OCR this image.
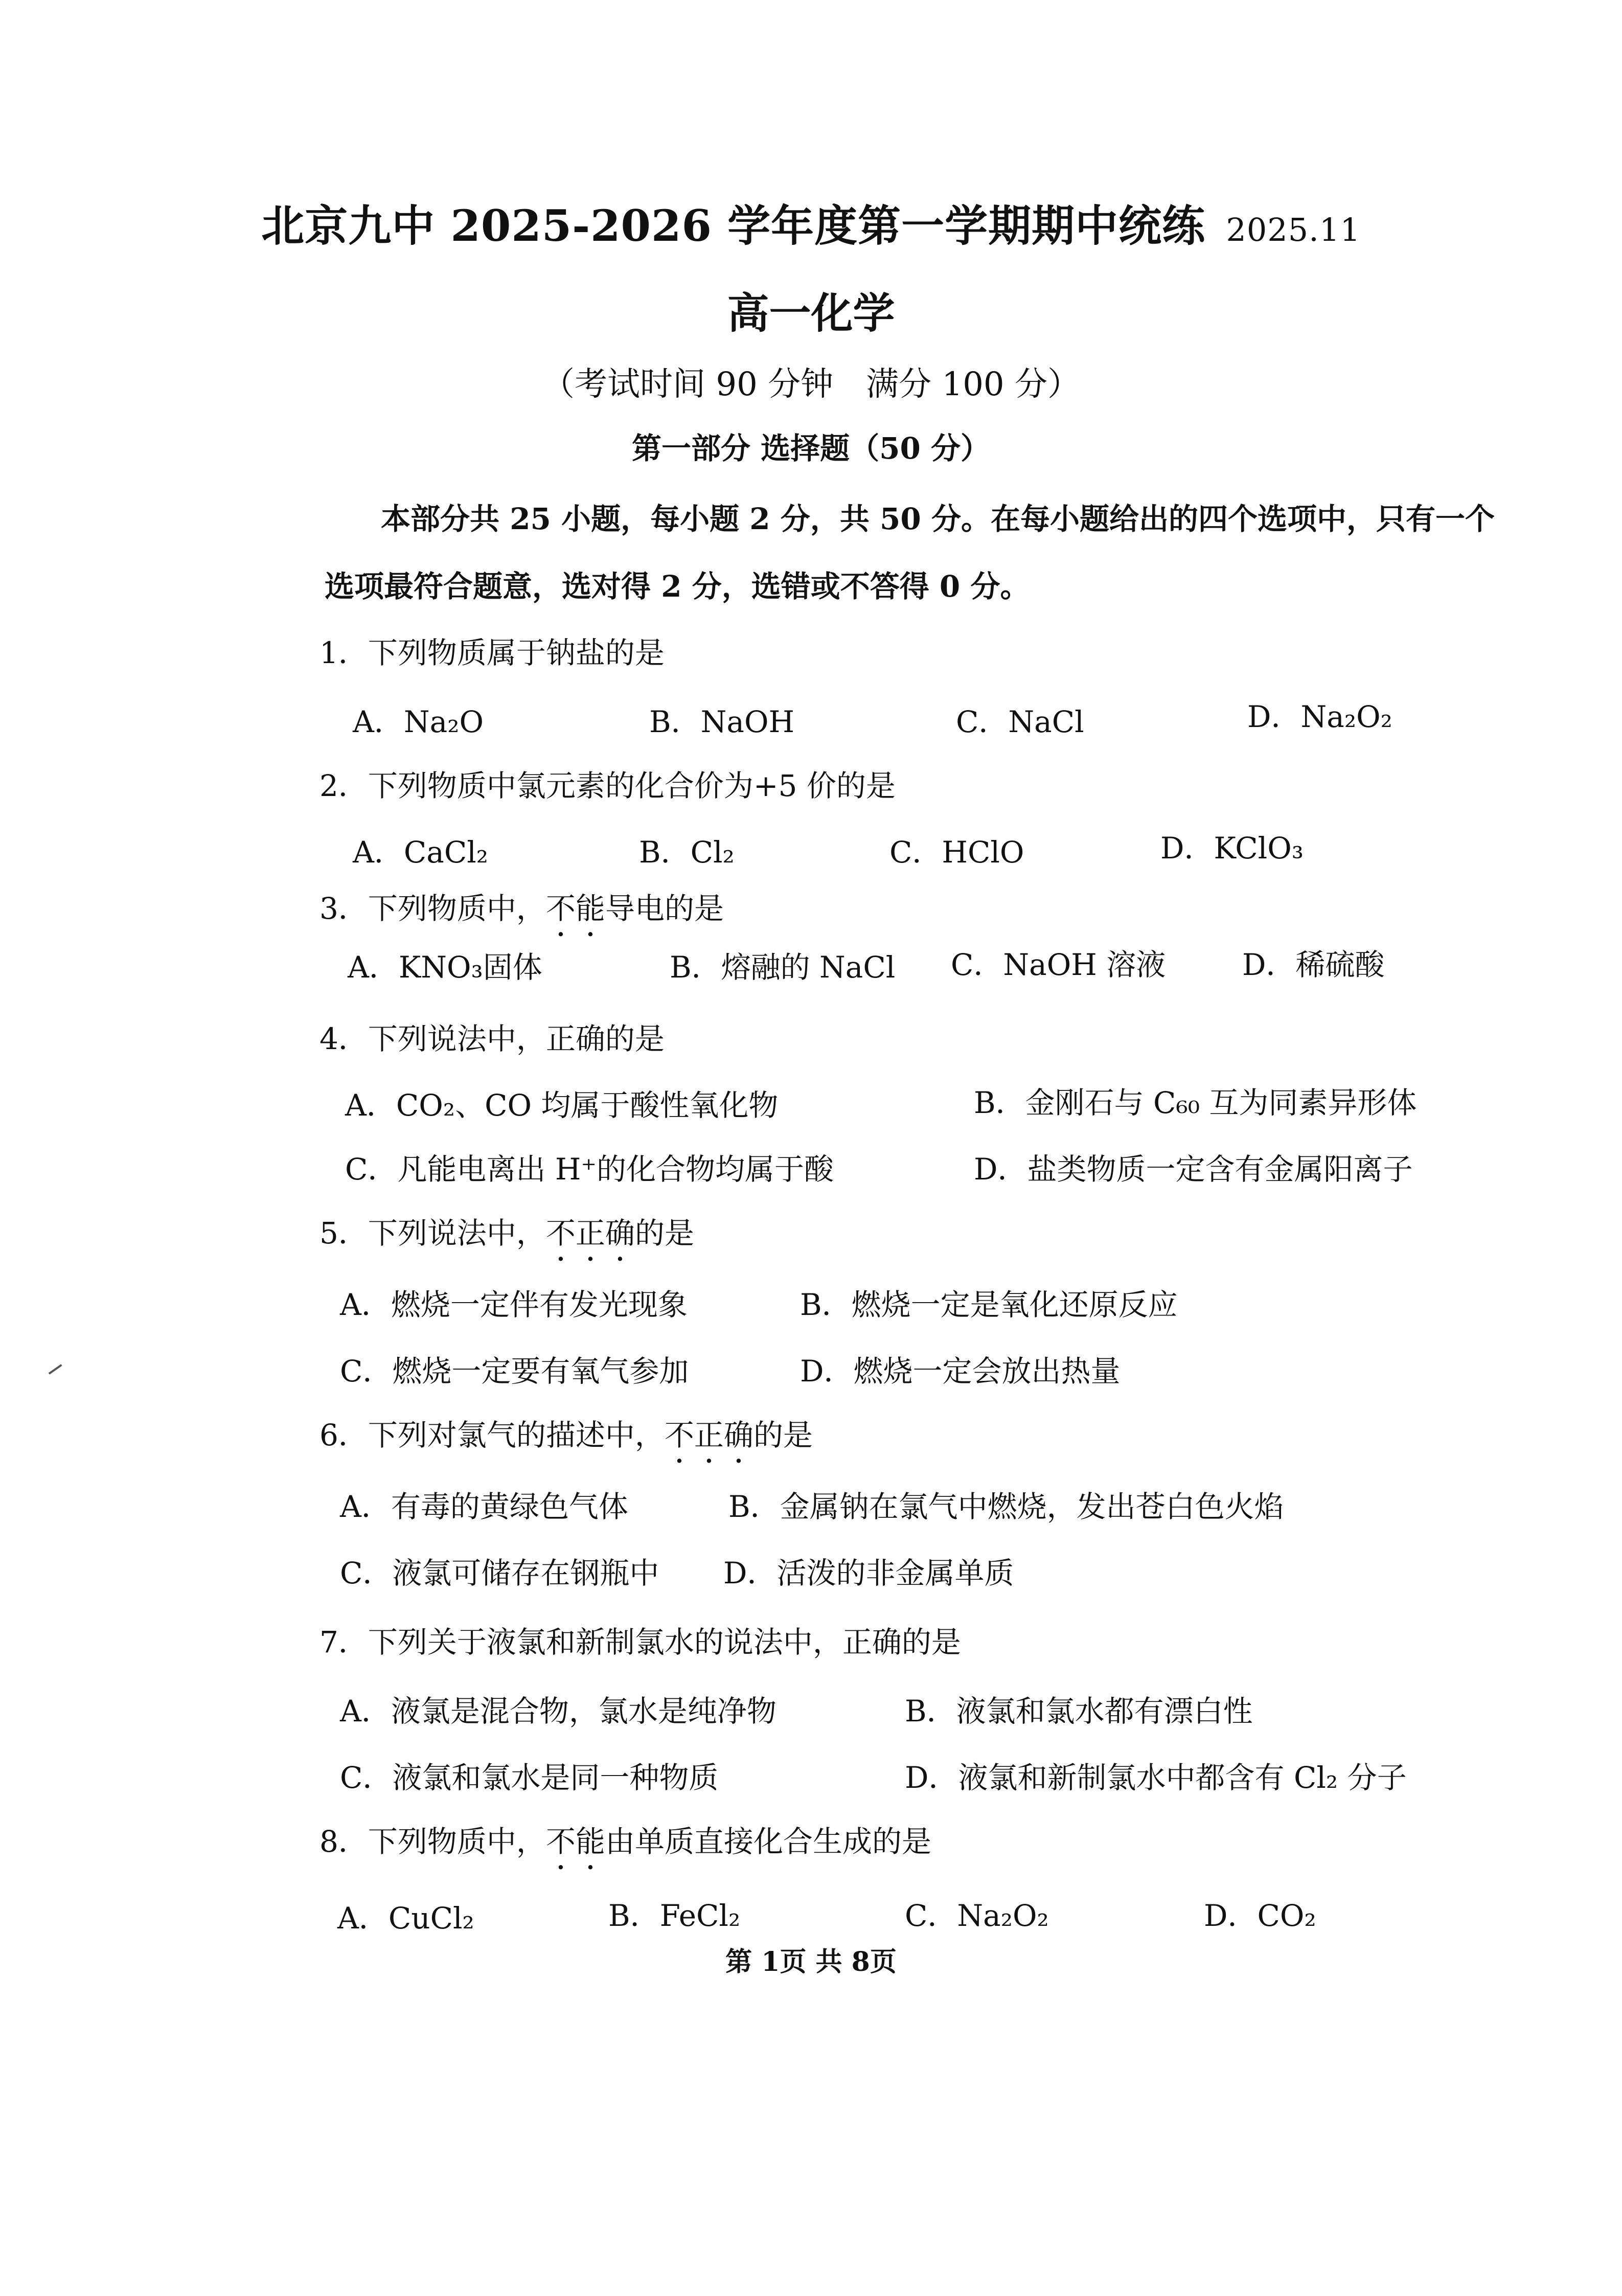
北京九中 2025-2026 学年度第一学期期中统练 2025.11
高一化学
（考试时间 90 分钟　满分 100 分）
第一部分 选择题（50 分）
本部分共 25 小题，每小题 2 分，共 50 分。在每小题给出的四个选项中，只有一个
选项最符合题意，选对得 2 分，选错或不答得 0 分。
1．下列物质属于钠盐的是
A．Na₂O	B．NaOH	C．NaCl	D．Na₂O₂
2．下列物质中氯元素的化合价为+5 价的是
A．CaCl₂	B．Cl₂	C．HClO	D．KClO₃
3．下列物质中，不能导电的是
A．KNO₃固体	B．熔融的 NaCl C．NaOH 溶液	D．稀硫酸
4．下列说法中，正确的是
A．CO₂、CO 均属于酸性氧化物	B．金刚石与 C₆₀ 互为同素异形体
C．凡能电离出 H⁺的化合物均属于酸	D．盐类物质一定含有金属阳离子
5．下列说法中，不正确的是
A．燃烧一定伴有发光现象	B．燃烧一定是氧化还原反应
C．燃烧一定要有氧气参加	D．燃烧一定会放出热量
6．下列对氯气的描述中，不正确的是
A．有毒的黄绿色气体	B．金属钠在氯气中燃烧，发出苍白色火焰
C．液氯可储存在钢瓶中 D．活泼的非金属单质
7．下列关于液氯和新制氯水的说法中，正确的是
A．液氯是混合物，氯水是纯净物	B．液氯和氯水都有漂白性
C．液氯和氯水是同一种物质	D．液氯和新制氯水中都含有 Cl₂ 分子
8．下列物质中，不能由单质直接化合生成的是
A．CuCl₂	B．FeCl₂	C．Na₂O₂	D．CO₂
第 1页 共 8页
